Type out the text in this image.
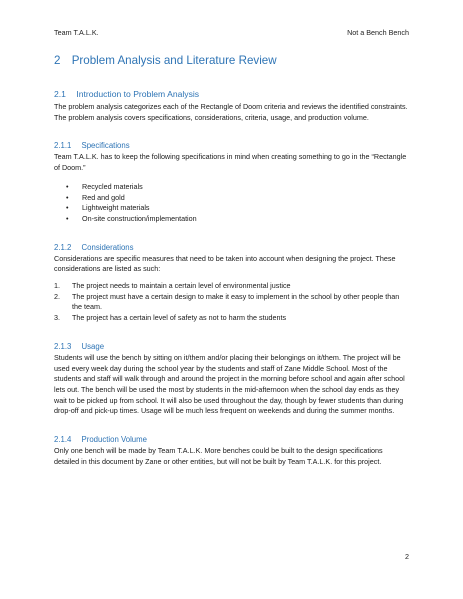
Team T.A.L.K.	Not a Bench Bench
2 Problem Analysis and Literature Review
2.1 Introduction to Problem Analysis

The problem analysis categorizes each of the Rectangle of Doom criteria and reviews the identified constraints. The problem analysis covers specifications, considerations, criteria, usage, and production volume.

2.1.1 Specifications

Team T.A.L.K. has to keep the following specifications in mind when creating something to go in the “Rectangle of Doom.”

• Recycled materials
• Red and gold
• Lightweight materials
• On-site construction/implementation
2.1.2 Considerations

Considerations are specific measures that need to be taken into account when designing the project. These considerations are listed as such:

1. The project needs to maintain a certain level of environmental justice
2. The project must have a certain design to make it easy to implement in the school by other people than the team.
3. The project has a certain level of safety as not to harm the students
2.1.3 Usage

Students will use the bench by sitting on it/them and/or placing their belongings on it/them. The project will be used every week day during the school year by the students and staff of Zane Middle School. Most of the students and staff will walk through and around the project in the morning before school and again after school lets out. The bench will be used the most by students in the mid-afternoon when the school day ends as they wait to be picked up from school. It will also be used throughout the day, though by fewer students than during drop-off and pick-up times. Usage will be much less frequent on weekends and during the summer months.

2.1.4 Production Volume

Only one bench will be made by Team T.A.L.K. More benches could be built to the design specifications detailed in this document by Zane or other entities, but will not be built by Team T.A.L.K. for this project.

2
